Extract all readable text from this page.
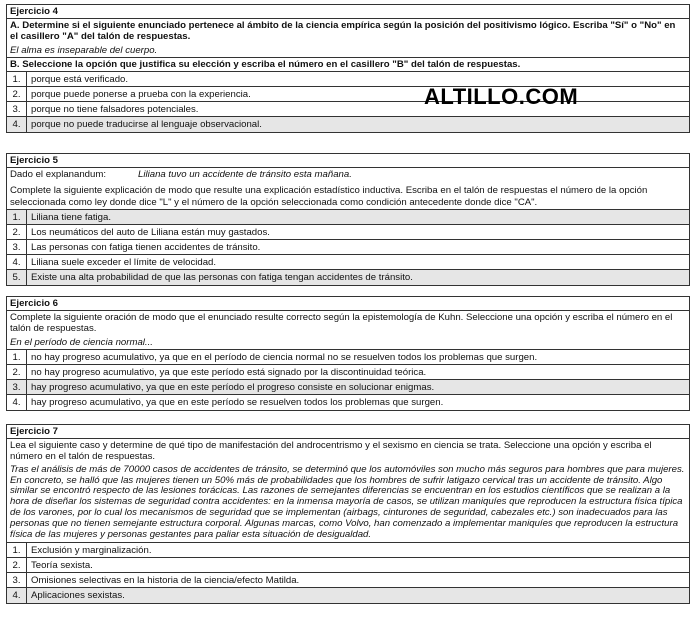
Ejercicio 4
A. Determine si el siguiente enunciado pertenece al ámbito de la ciencia empírica según la posición del positivismo lógico. Escriba "Sí" o "No" en el casillero "A" del talón de respuestas.
El alma es inseparable del cuerpo.
B. Seleccione la opción que justifica su elección y escriba el número en el casillero "B" del talón de respuestas.
1.	porque está verificado.
2.	porque puede ponerse a prueba con la experiencia.
3.	porque no tiene falsadores potenciales.
4.	porque no puede traducirse al lenguaje observacional.
ALTILLO.COM
Ejercicio 5
Dado el explanandum:	Liliana tuvo un accidente de tránsito esta mañana.
Complete la siguiente explicación de modo que resulte una explicación estadístico inductiva. Escriba en el talón de respuestas el número de la opción seleccionada como ley donde dice "L" y el número de la opción seleccionada como condición antecedente donde dice "CA".
1.	Liliana tiene fatiga.
2.	Los neumáticos del auto de Liliana están muy gastados.
3.	Las personas con fatiga tienen accidentes de tránsito.
4.	Liliana suele exceder el límite de velocidad.
5.	Existe una alta probabilidad de que las personas con fatiga tengan accidentes de tránsito.
Ejercicio 6
Complete la siguiente oración de modo que el enunciado resulte correcto según la epistemología de Kuhn. Seleccione una opción y escriba el número en el talón de respuestas.
En el período de ciencia normal...
1.	no hay progreso acumulativo, ya que en el período de ciencia normal no se resuelven todos los problemas que surgen.
2.	no hay progreso acumulativo, ya que este período está signado por la discontinuidad teórica.
3.	hay progreso acumulativo, ya que en este período el progreso consiste en solucionar enigmas.
4.	hay progreso acumulativo, ya que en este período se resuelven todos los problemas que surgen.
Ejercicio 7
Lea el siguiente caso y determine de qué tipo de manifestación del androcentrismo y el sexismo en ciencia se trata. Seleccione una opción y escriba el número en el talón de respuestas.
Tras el análisis de más de 70000 casos de accidentes de tránsito, se determinó que los automóviles son mucho más seguros para hombres que para mujeres. En concreto, se halló que las mujeres tienen un 50% más de probabilidades que los hombres de sufrir latigazo cervical tras un accidente de tránsito. Algo similar se encontró respecto de las lesiones torácicas. Las razones de semejantes diferencias se encuentran en los estudios científicos que se realizan a la hora de diseñar los sistemas de seguridad contra accidentes: en la inmensa mayoría de casos, se utilizan maniquíes que reproducen la estructura física típica de los varones, por lo cual los mecanismos de seguridad que se implementan (airbags, cinturones de seguridad, cabezales etc.) son inadecuados para las personas que no tienen semejante estructura corporal. Algunas marcas, como Volvo, han comenzado a implementar maniquíes que reproducen la estructura física de las mujeres y personas gestantes para paliar esta situación de desigualdad.
1.	Exclusión y marginalización.
2.	Teoría sexista.
3.	Omisiones selectivas en la historia de la ciencia/efecto Matilda.
4.	Aplicaciones sexistas.
